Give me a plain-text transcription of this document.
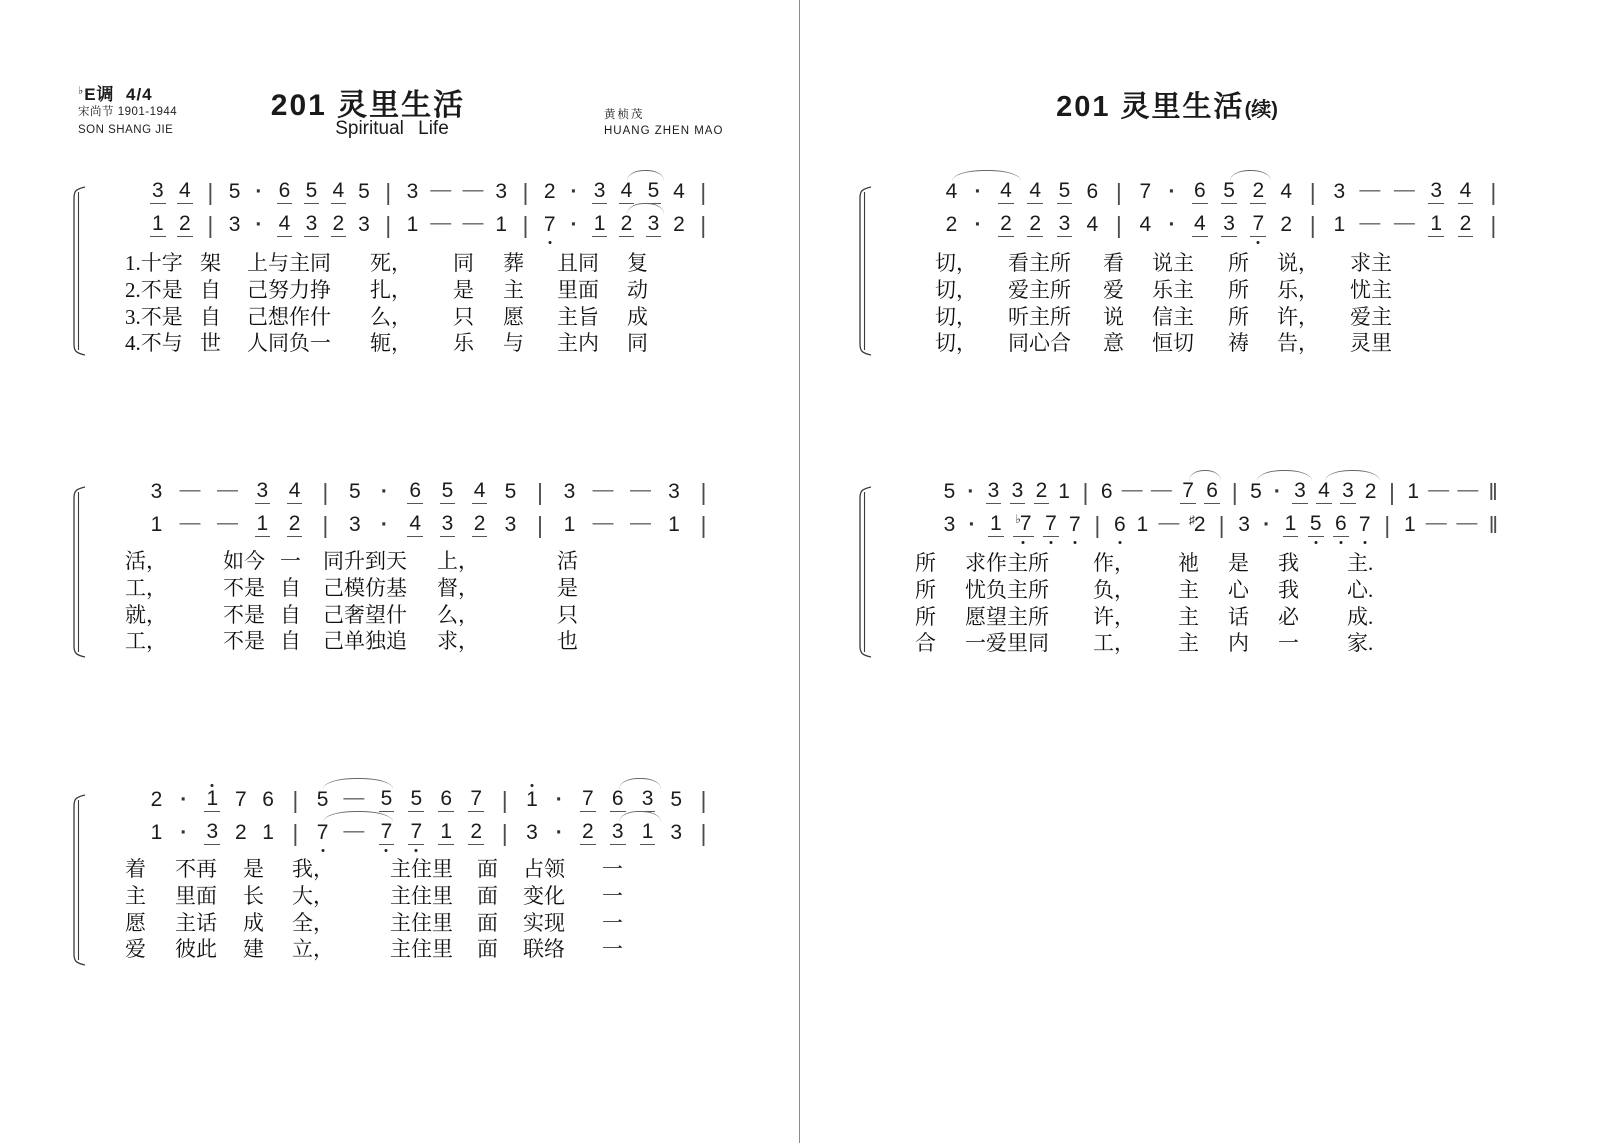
♭E调 4/4
宋尚节 1901-1944
SON SHANG JIE
201 灵里生活
Spiritual Life
黄桢茂
HUANG ZHEN MAO
201 灵里生活(续)
3 4 | 5 · 6 5 4 5 | 3 — — 3 | 2 · 3 4 5 4 |
1 2 | 3 · 4 3 2 3 | 1 — — 1 | 7 · 1 2 3 2 |
3 — — 3 4 | 5 · 6 5 4 5 | 3 — — 3 |
1 — — 1 2 | 3 · 4 3 2 3 | 1 — — 1 |
2 · 1 7 6 | 5 — 5 5 6 7 | 1 · 7 6 3 5 |
1 · 3 2 1 | 7 — 7 7 1 2 | 3 · 2 3 1 3 |
4 · 4 4 5 6 | 7 · 6 5 2 4 | 3 — — 3 4 |
2 · 2 2 3 4 | 4 · 4 3 7 2 | 1 — — 1 2 |
5 · 3 3 2 1 | 6 — — 7 6 | 5 · 3 4 3 2 | 1 — — ‖
3 · 1 ♭7 7 7 | 6 1 — ♯2 | 3 · 1 5 6 7 | 1 — — ‖
1.十字 架	上与主同	死，	同	葬	且同	复
2.不是 自	己努力挣	扎，	是	主	里面	动
3.不是 自	己想作什	么，	只	愿	主旨	成
4.不与 世	人同负一	轭，	乐	与	主内	同
活，	如今 一	同升到天	上，	活
工，	不是 自	己模仿基	督，	是
就，	不是 自	己奢望什	么，	只
工，	不是 自	己单独追	求，	也
着	不再	是	我，	主住里	面	占领	一
主	里面	长	大，	主住里	面	变化	一
愿	主话	成	全，	主住里	面	实现	一
爱	彼此	建	立，	主住里	面	联络	一
切，	看主所	看	说主	所	说，	求主
切，	爱主所	爱	乐主	所	乐，	忧主
切，	听主所	说	信主	所	许，	爱主
切，	同心合	意	恒切	祷	告，	灵里
所	求作主所	作，	祂	是	我	主.
所	忧负主所	负，	主	心	我	心.
所	愿望主所	许，	主	话	必	成.
合	一爱里同	工，	主	内	一	家.
